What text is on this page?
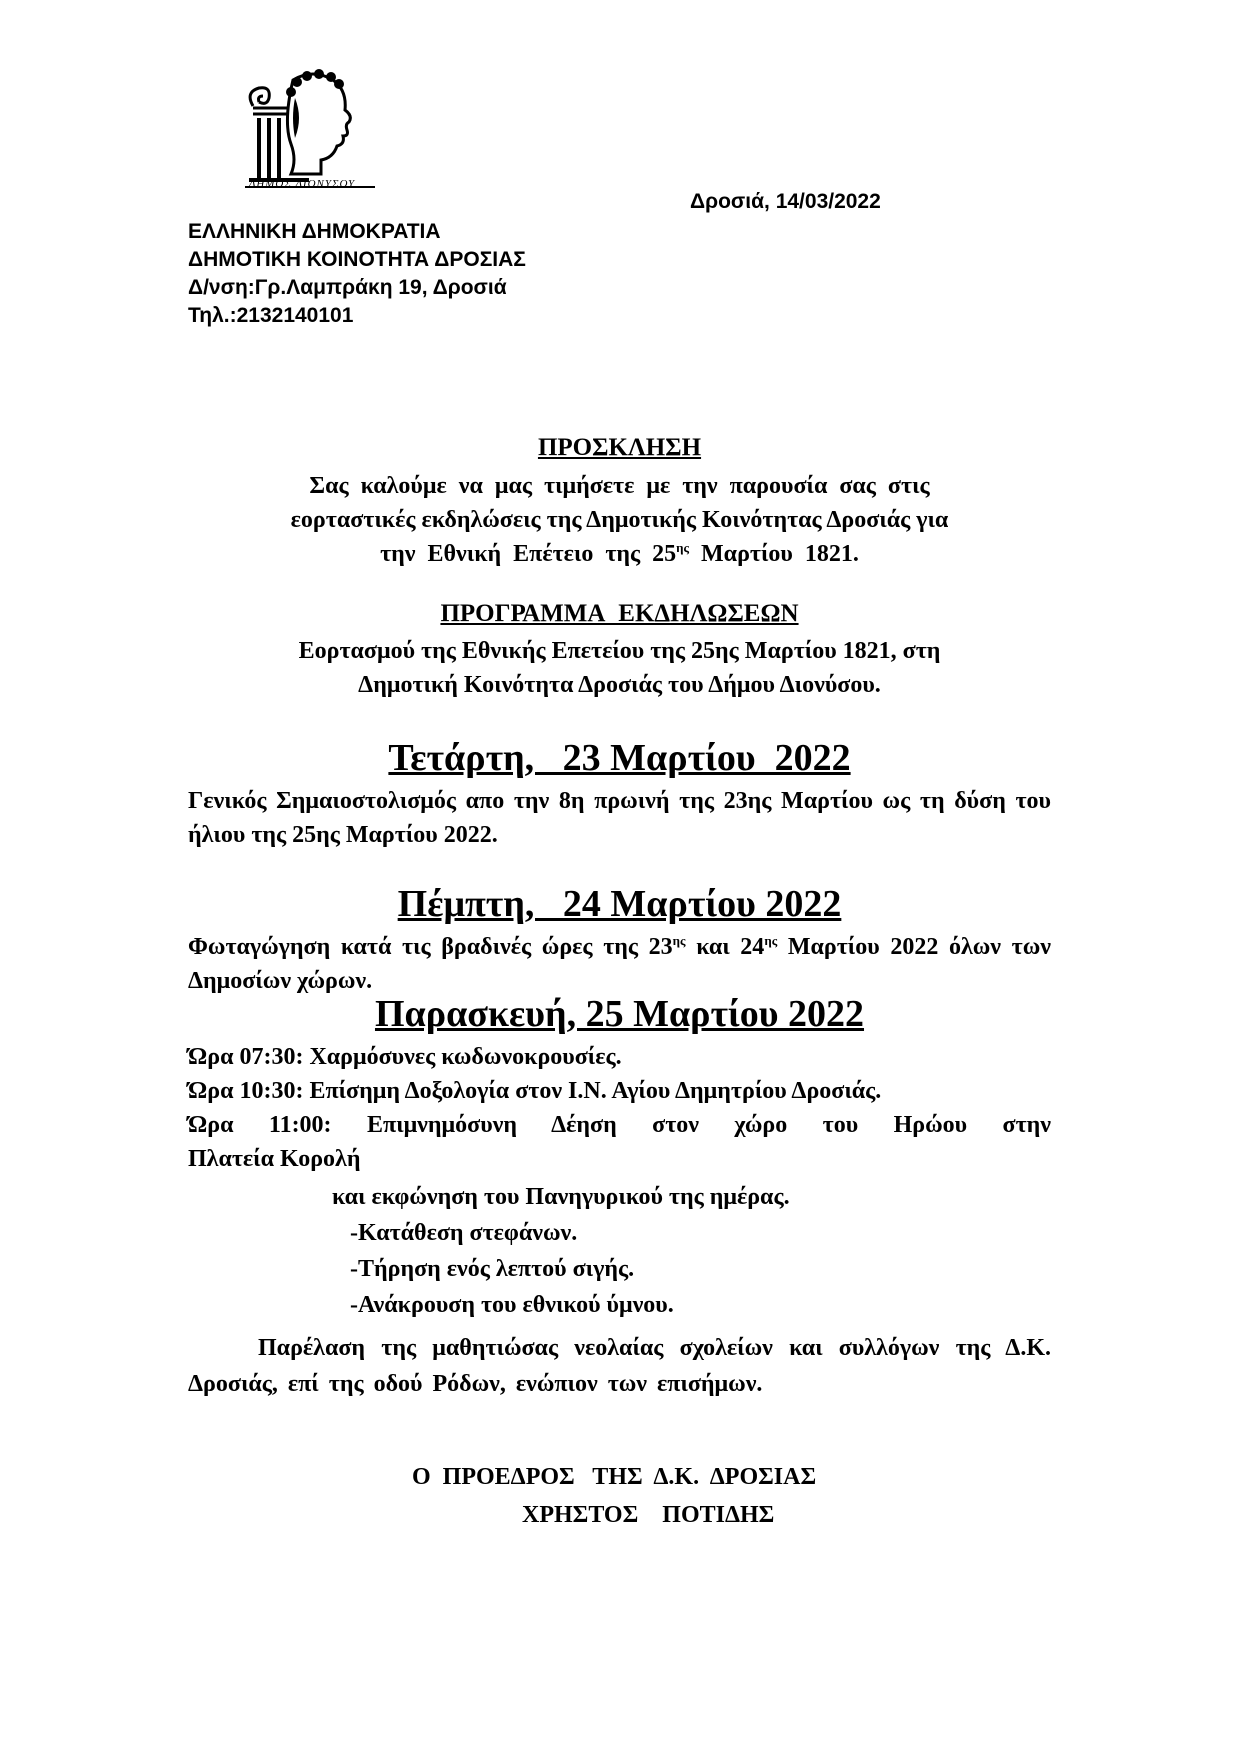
ΔΗΜΟΣ ΔΙΟΝΥΣΟΥ
ΕΛΛΗΝΙΚΗ ΔΗΜΟΚΡΑΤΙΑ
ΔΗΜΟΤΙΚΗ ΚΟΙΝΟΤΗΤΑ ΔΡΟΣΙΑΣ
Δ/νση:Γρ.Λαμπράκη 19, Δροσιά
Τηλ.:2132140101
Δροσιά, 14/03/2022
ΠΡΟΣΚΛΗΣΗ
Σας καλούμε να μας τιμήσετε με την παρουσία σας στις
εορταστικές εκδηλώσεις της Δημοτικής Κοινότητας Δροσιάς για
την Εθνική Επέτειο της $25^{\eta\varsigma}$ Μαρτίου 1821.
ΠΡΟΓΡΑΜΜΑ ΕΚΔΗΛΩΣΕΩΝ
Εορτασμού της Εθνικής Επετείου της 25ης Μαρτίου 1821, στη
Δημοτική Κοινότητα Δροσιάς του Δήμου Διονύσου.
Τετάρτη,   23 Μαρτίου  2022
Γενικός Σημαιοστολισμός απο την 8η πρωινή της 23ης Μαρτίου ως τη δύση του ήλιου της 25ης Μαρτίου 2022.
Πέμπτη,   24 Μαρτίου 2022
Φωταγώγηση κατά τις βραδινές ώρες της $23^{\eta\varsigma}$ και $24^{\eta\varsigma}$ Μαρτίου 2022 όλων των Δημοσίων χώρων.
Παρασκευή, 25 Μαρτίου 2022
Ώρα 07:30: Χαρμόσυνες κωδωνοκρουσίες.
Ώρα 10:30: Επίσημη Δοξολογία στον Ι.Ν. Αγίου Δημητρίου Δροσιάς.
Ώρα 11:00: Επιμνημόσυνη Δέηση στον χώρο του Ηρώου στην
Πλατεία Κορολή
και εκφώνηση του Πανηγυρικού της ημέρας.
-Κατάθεση στεφάνων.
-Τήρηση ενός λεπτού σιγής.
-Ανάκρουση του εθνικού ύμνου.
Παρέλαση της μαθητιώσας νεολαίας σχολείων και συλλόγων της Δ.Κ. Δροσιάς, επί της οδού Ρόδων, ενώπιον των επισήμων.
Ο  ΠΡΟΕΔΡΟΣ   ΤΗΣ  Δ.Κ.  ΔΡΟΣΙΑΣ
ΧΡΗΣΤΟΣ    ΠΟΤΙΔΗΣ
